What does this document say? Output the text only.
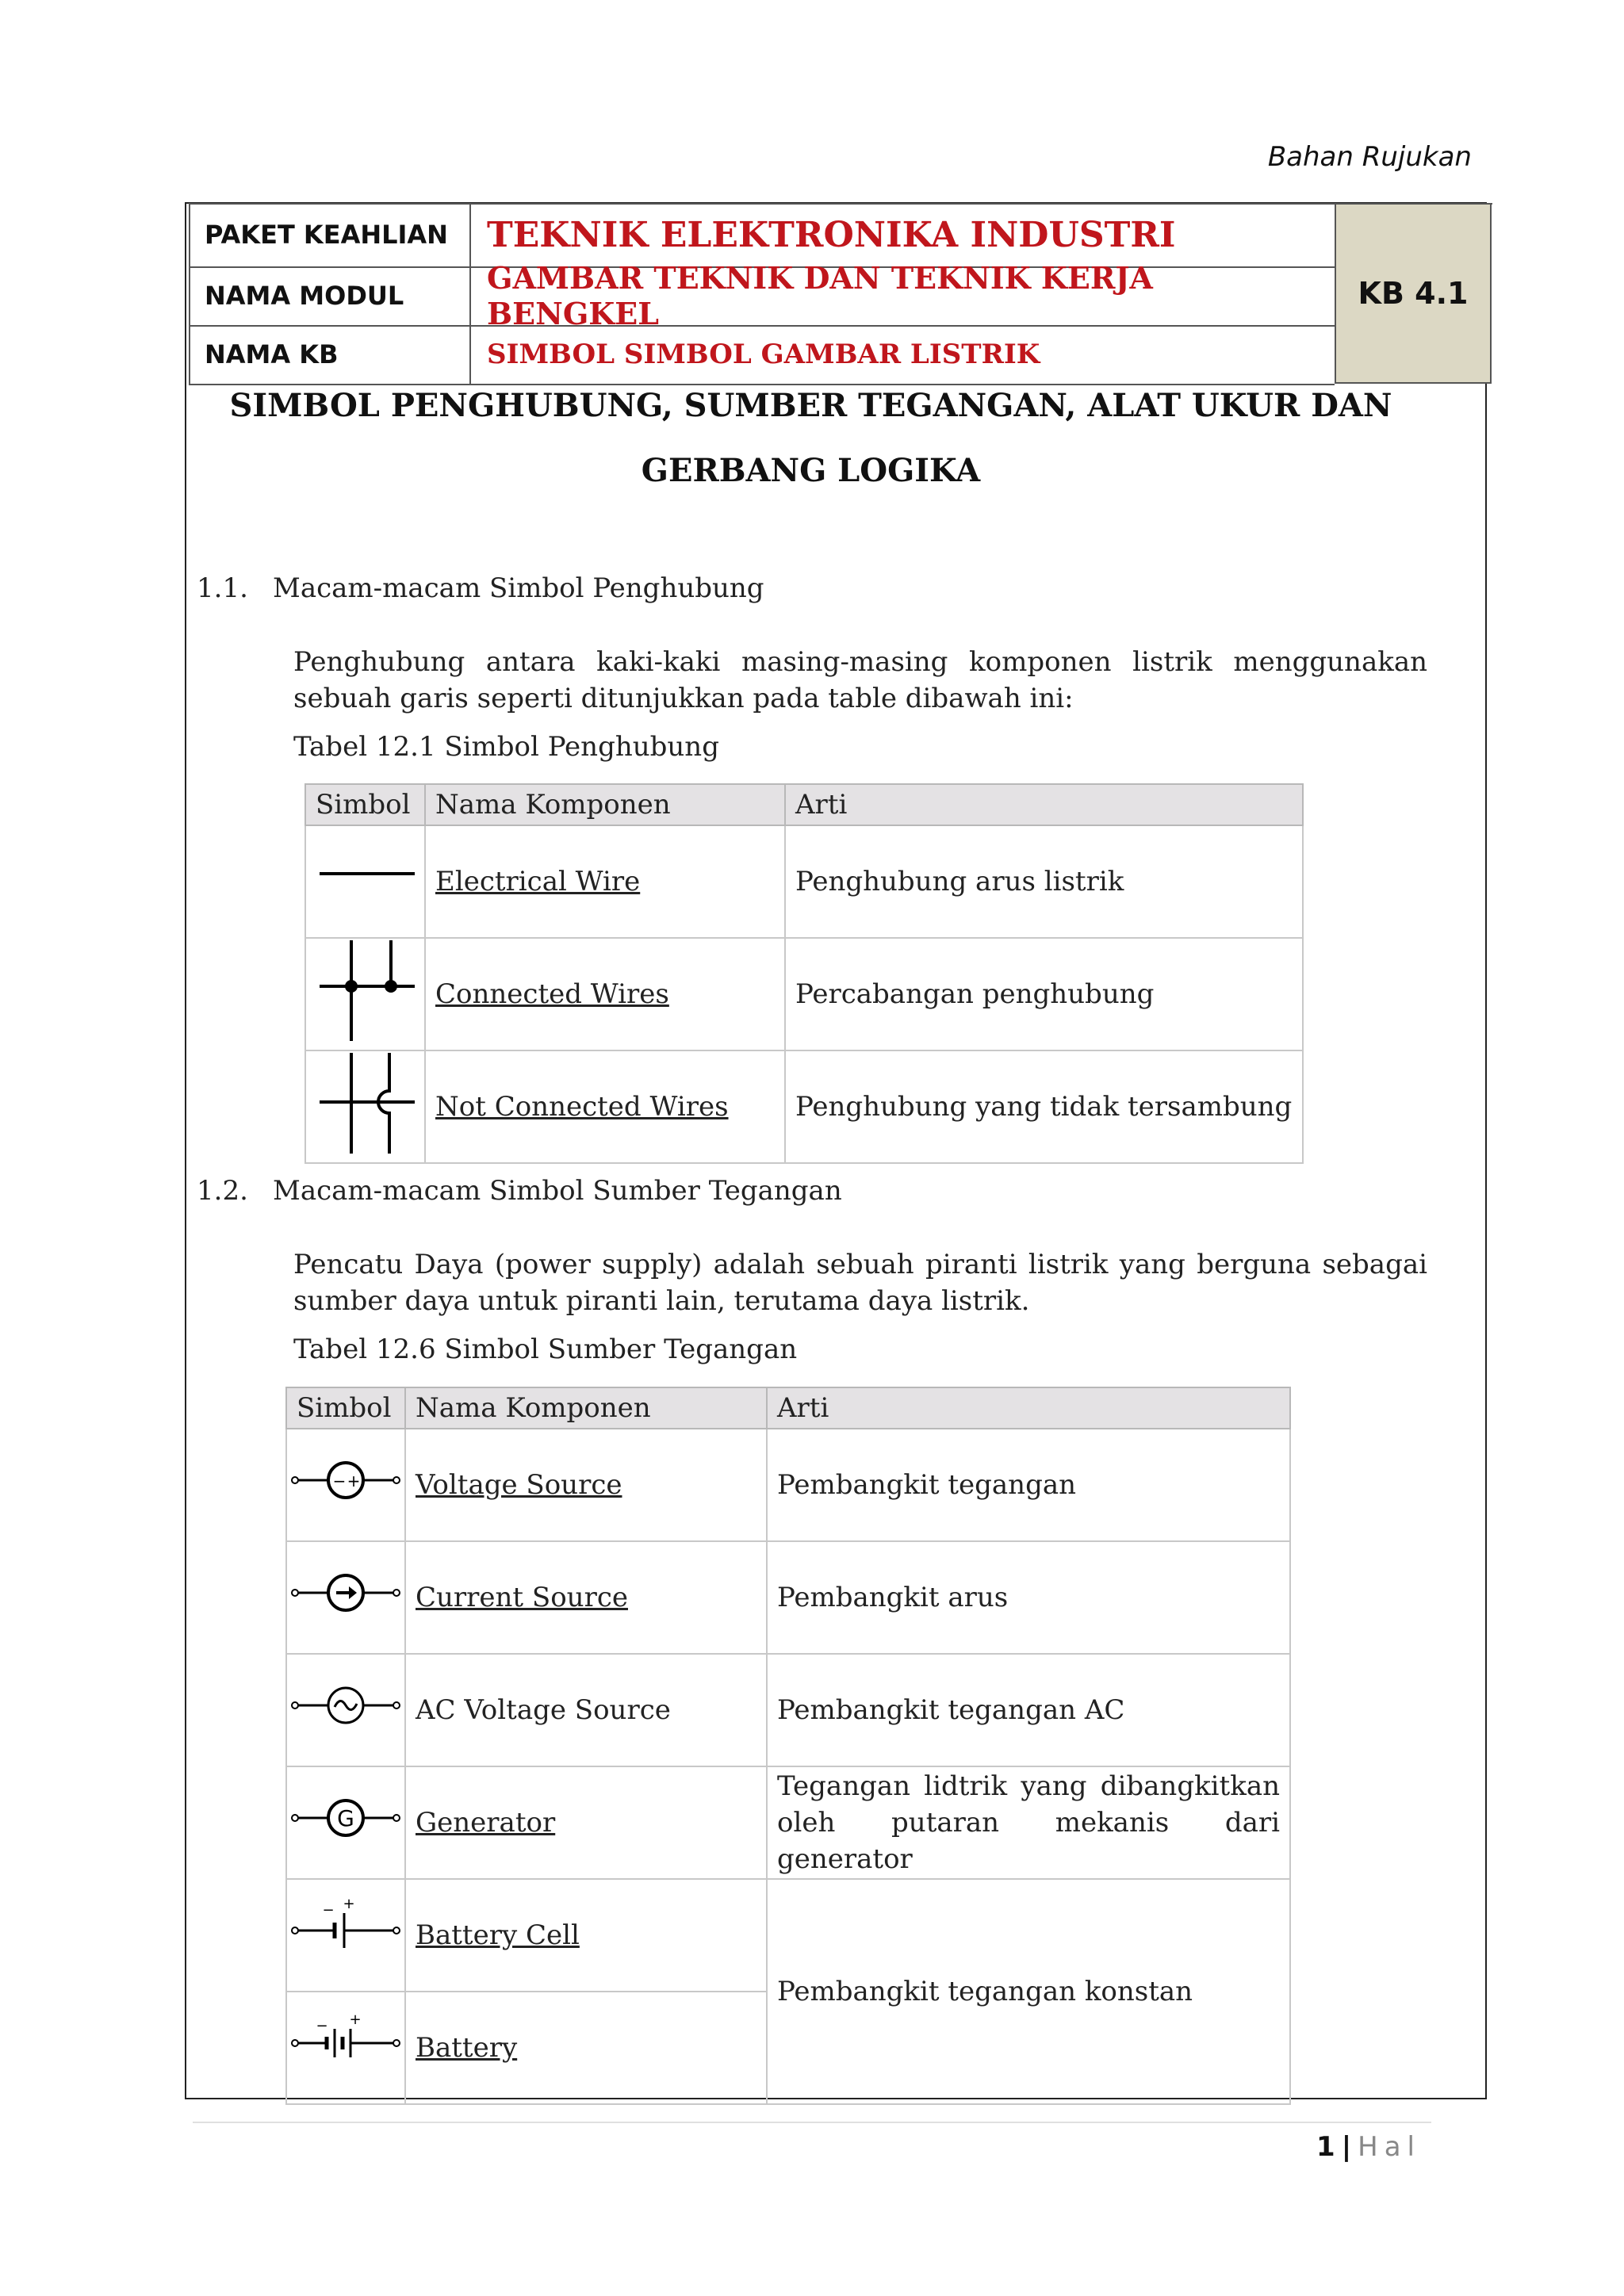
Bahan Rujukan
PAKET KEAHLIAN	TEKNIK ELEKTRONIKA INDUSTRI
NAMA MODUL	GAMBAR TEKNIK DAN TEKNIK KERJA BENGKEL
NAMA KB	SIMBOL SIMBOL GAMBAR LISTRIK
KB 4.1
SIMBOL PENGHUBUNG, SUMBER TEGANGAN, ALAT UKUR DAN
GERBANG LOGIKA
1.1. Macam-macam Simbol Penghubung
Penghubung antara kaki-kaki masing-masing komponen listrik menggunakan sebuah garis seperti ditunjukkan pada table dibawah ini:
Tabel 12.1 Simbol Penghubung
Simbol	Nama Komponen	Arti
	Electrical Wire	Penghubung arus listrik
	Connected Wires	Percabangan penghubung
	Not Connected Wires	Penghubung yang tidak tersambung
1.2. Macam-macam Simbol Sumber Tegangan
Pencatu Daya (power supply) adalah sebuah piranti listrik yang berguna sebagai sumber daya untuk piranti lain, terutama daya listrik.
Tabel 12.6 Simbol Sumber Tegangan
Simbol	Nama Komponen	Arti

− +	Voltage Source	Pembangkit tegangan
	Current Source	Pembangkit arus
	AC Voltage Source	Pembangkit tegangan AC

G	Generator	Tegangan lidtrik yang dibangkitkan oleh putaran mekanis dari generator

− +	Battery Cell	Pembangkit tegangan konstan

− +	Battery	
1 | Hal
